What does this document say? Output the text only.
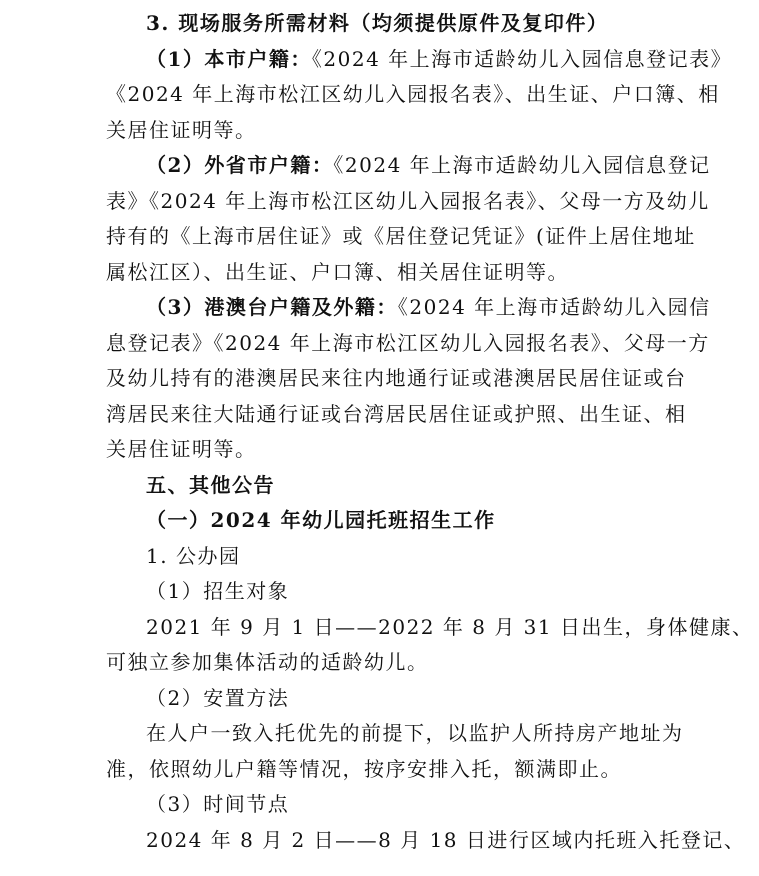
3. 现场服务所需材料（均须提供原件及复印件）
（1）本市户籍：《2024 年上海市适龄幼儿入园信息登记表》
《2024 年上海市松江区幼儿入园报名表》、出生证、户口簿、相
关居住证明等。
（2）外省市户籍：《2024 年上海市适龄幼儿入园信息登记
表》《2024 年上海市松江区幼儿入园报名表》、父母一方及幼儿
持有的《上海市居住证》或《居住登记凭证》(证件上居住地址
属松江区）、出生证、户口簿、相关居住证明等。
（3）港澳台户籍及外籍：《2024 年上海市适龄幼儿入园信
息登记表》《2024 年上海市松江区幼儿入园报名表》、父母一方
及幼儿持有的港澳居民来往内地通行证或港澳居民居住证或台
湾居民来往大陆通行证或台湾居民居住证或护照、出生证、相
关居住证明等。
五、其他公告
（一）2024 年幼儿园托班招生工作
1. 公办园
（1）招生对象
2021 年 9 月 1 日——2022 年 8 月 31 日出生，身体健康、
可独立参加集体活动的适龄幼儿。
（2）安置方法
在人户一致入托优先的前提下，以监护人所持房产地址为
准，依照幼儿户籍等情况，按序安排入托，额满即止。
（3）时间节点
2024 年 8 月 2 日——8 月 18 日进行区域内托班入托登记、
